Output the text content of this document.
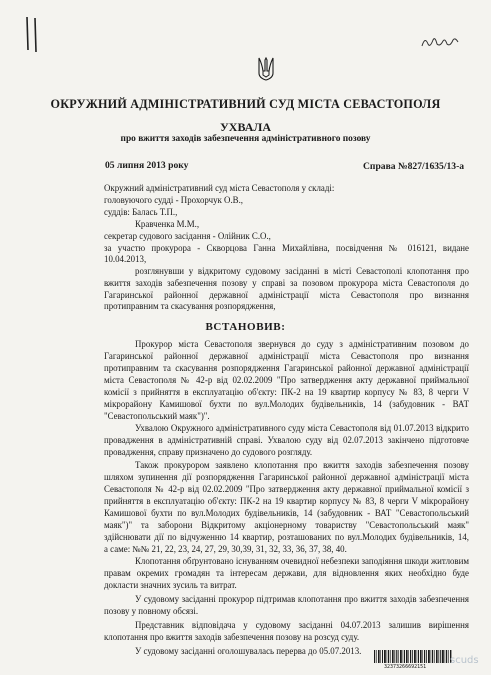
ОКРУЖНИЙ АДМІНІСТРАТИВНИЙ СУД МІСТА СЕВАСТОПОЛЯ
УХВАЛА
про вжиття заходів забезпечення адміністративного позову
05 липня 2013 року	Справа №827/1635/13-а
Окружний адміністративний суд міста Севастополя у складі:
головуючого судді - Прохорчук О.В.,
суддів: Балась Т.П.,
Кравченка М.М.,
секретар судового засідання - Олійник С.О.,
за участю прокурора - Скворцова Ганна Михайлівна, посвідчення № 016121, видане
10.04.2013,
розглянувши у відкритому судовому засіданні в місті Севастополі клопотання про
вжиття заходів забезпечення позову у справі за позовом прокурора міста Севастополя до
Гагаринської районної державної адміністрації міста Севастополя про визнання
протиправним та скасування розпорядження,
ВСТАНОВИВ:
Прокурор міста Севастополя звернувся до суду з адміністративним позовом до
Гагаринської районної державної адміністрації міста Севастополя про визнання
протиправним та скасування розпорядження Гагаринської районної державної адміністрації
міста Севастополя № 42-р від 02.02.2009 "Про затвердження акту державної приймальної
комісії з прийняття в експлуатацію об'єкту: ПК-2 на 19 квартир корпусу № 83, 8 черги V
мікрорайону Камишової бухти по вул.Молодих будівельників, 14 (забудовник - ВАТ
"Севастопольський маяк")".
Ухвалою Окружного адміністративного суду міста Севастополя від 01.07.2013 відкрито
провадження в адміністративній справі. Ухвалою суду від 02.07.2013 закінчено підготовче
провадження, справу призначено до судового розгляду.
Також прокурором заявлено клопотання про вжиття заходів забезпечення позову
шляхом зупинення дії розпорядження Гагаринської районної державної адміністрації міста
Севастополя № 42-р від 02.02.2009 "Про затвердження акту державної приймальної комісії з
прийняття в експлуатацію об'єкту: ПК-2 на 19 квартир корпусу № 83, 8 черги V мікрорайону
Камишової бухти по вул.Молодих будівельників, 14 (забудовник - ВАТ "Севастопольський
маяк")" та заборони Відкритому акціонерному товариству "Севастопольський маяк"
здійснювати дії по відчуженню 14 квартир, розташованих по вул.Молодих будівельників, 14,
а саме: №№ 21, 22, 23, 24, 27, 29, 30,39, 31, 32, 33, 36, 37, 38, 40.
Клопотання обґрунтовано існуванням очевидної небезпеки заподіяння шкоди житловим
правам окремих громадян та інтересам держави, для відновлення яких необхідно буде
докласти значних зусиль та витрат.
У судовому засіданні прокурор підтримав клопотання про вжиття заходів забезпечення
позову у повному обсязі.
Представник відповідача у судовому засіданні 04.07.2013 залишив вирішення
клопотання про вжиття заходів забезпечення позову на розсуд суду.
У судовому засіданні оголошувалась перерва до 05.07.2013.
32373266692151
sсuds
